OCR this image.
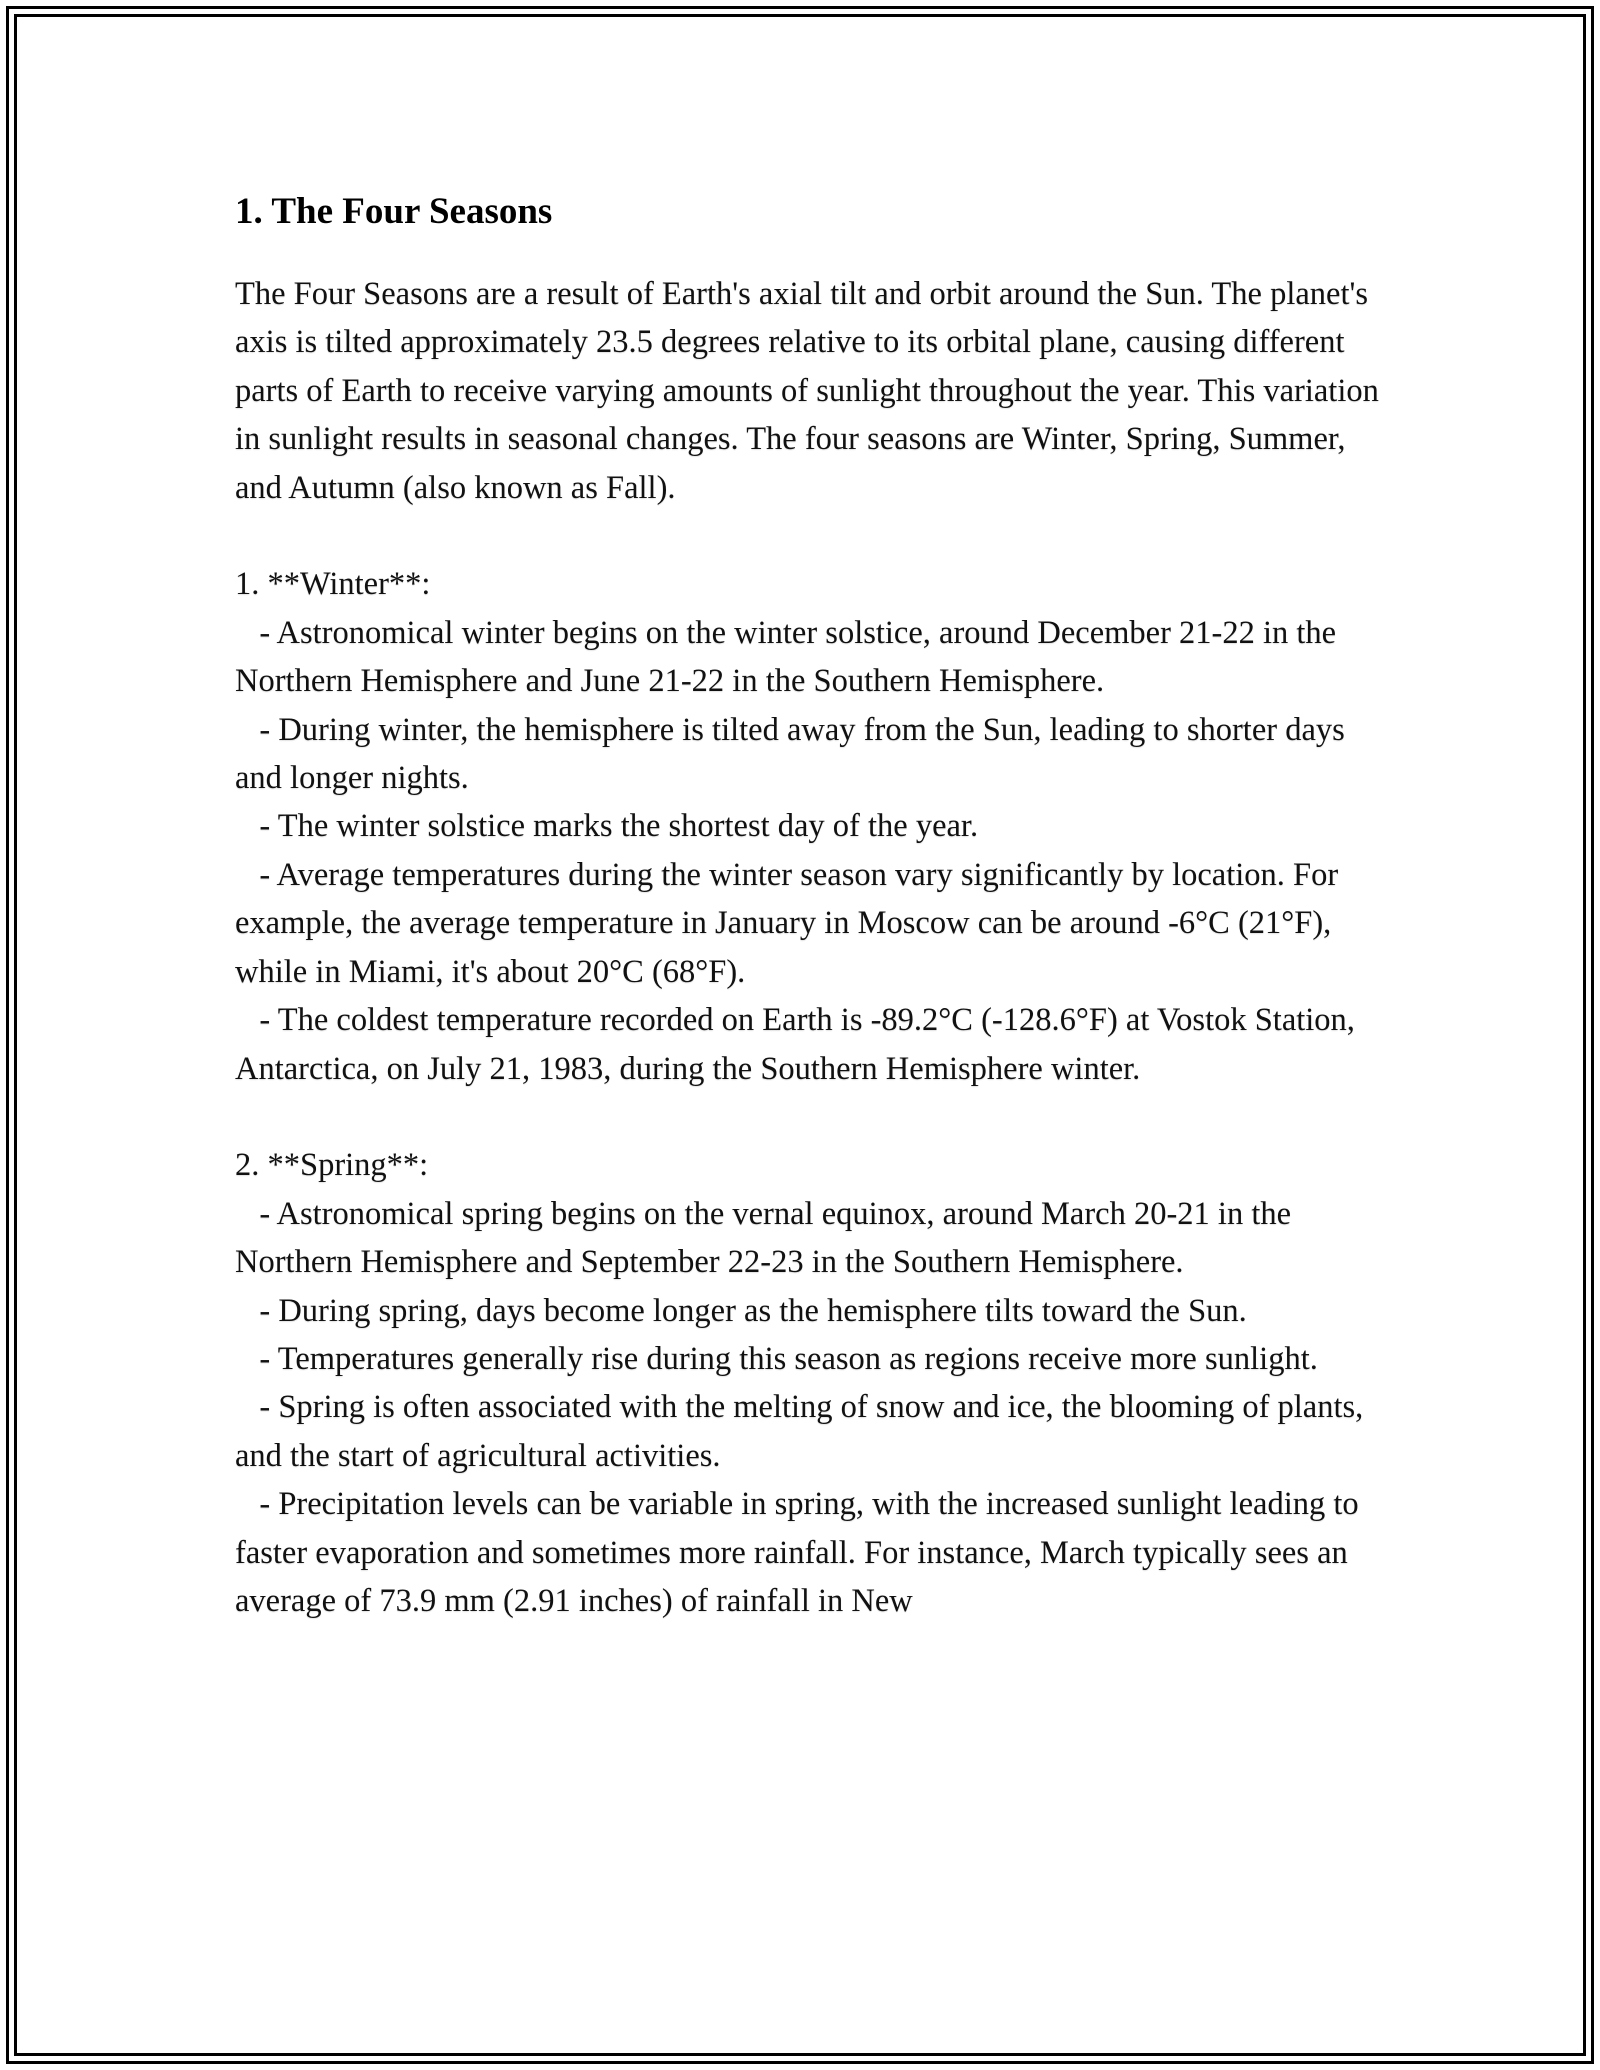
1. The Four Seasons

The Four Seasons are a result of Earth's axial tilt and orbit around the Sun. The planet's axis is tilted approximately 23.5 degrees relative to its orbital plane, causing different parts of Earth to receive varying amounts of sunlight throughout the year. This variation in sunlight results in seasonal changes. The four seasons are Winter, Spring, Summer, and Autumn (also known as Fall).

1. **Winter**:
- Astronomical winter begins on the winter solstice, around December 21-22 in the Northern Hemisphere and June 21-22 in the Southern Hemisphere.
- During winter, the hemisphere is tilted away from the Sun, leading to shorter days and longer nights.
- The winter solstice marks the shortest day of the year.
- Average temperatures during the winter season vary significantly by location. For example, the average temperature in January in Moscow can be around -6°C (21°F), while in Miami, it's about 20°C (68°F).
- The coldest temperature recorded on Earth is -89.2°C (-128.6°F) at Vostok Station, Antarctica, on July 21, 1983, during the Southern Hemisphere winter.

2. **Spring**:
- Astronomical spring begins on the vernal equinox, around March 20-21 in the Northern Hemisphere and September 22-23 in the Southern Hemisphere.
- During spring, days become longer as the hemisphere tilts toward the Sun.
- Temperatures generally rise during this season as regions receive more sunlight.
- Spring is often associated with the melting of snow and ice, the blooming of plants, and the start of agricultural activities.
- Precipitation levels can be variable in spring, with the increased sunlight leading to faster evaporation and sometimes more rainfall. For instance, March typically sees an average of 73.9 mm (2.91 inches) of rainfall in New
